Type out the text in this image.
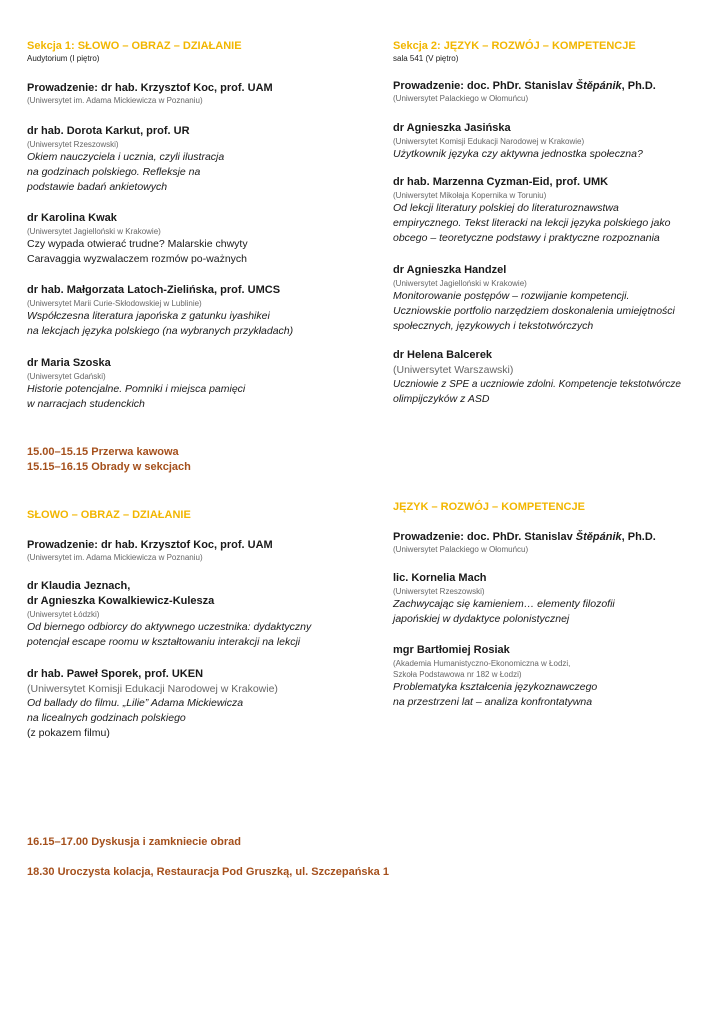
Sekcja 1: SŁOWO – OBRAZ – DZIAŁANIE
Audytorium (I piętro)
Prowadzenie: dr hab. Krzysztof Koc, prof. UAM
(Uniwersytet im. Adama Mickiewicza w Poznaniu)
dr hab. Dorota Karkut, prof. UR
(Uniwersytet Rzeszowski)
Okiem nauczyciela i ucznia, czyli ilustracja
na godzinach polskiego. Refleksje na
podstawie badań ankietowych
dr Karolina Kwak
(Uniwersytet Jagielloński w Krakowie)
Czy wypada otwierać trudne? Malarskie chwyty
Caravaggia wyzwalaczem rozmów po-ważnych
dr hab. Małgorzata Latoch-Zielińska, prof. UMCS
(Uniwersytet Marii Curie-Skłodowskiej w Lublinie)
Współczesna literatura japońska z gatunku iyashikei
na lekcjach języka polskiego (na wybranych przykładach)
dr Maria Szoska
(Uniwersytet Gdański)
Historie potencjalne. Pomniki i miejsca pamięci
w narracjach studenckich
Sekcja 2: JĘZYK – ROZWÓJ – KOMPETENCJE
sala 541 (V piętro)
Prowadzenie: doc. PhDr. Stanislav Štěpánik, Ph.D.
(Uniwersytet Palackiego w Ołomuńcu)
dr Agnieszka Jasińska
(Uniwersytet Komisji Edukacji Narodowej w Krakowie)
Użytkownik języka czy aktywna jednostka społeczna?
dr hab. Marzenna Cyzman-Eid, prof. UMK
(Uniwersytet Mikołaja Kopernika w Toruniu)
Od lekcji literatury polskiej do literaturoznawstwa
empirycznego. Tekst literacki na lekcji języka polskiego jako
obcego – teoretyczne podstawy i praktyczne rozpoznania
dr Agnieszka Handzel
(Uniwersytet Jagielloński w Krakowie)
Monitorowanie postępów – rozwijanie kompetencji.
Uczniowskie portfolio narzędziem doskonalenia umiejętności
społecznych, językowych i tekstotwórczych
dr Helena Balcerek
(Uniwersytet Warszawski)
Uczniowie z SPE a uczniowie zdolni. Kompetencje tekstotwórcze
olimpijczyków z ASD
15.00–15.15 Przerwa kawowa
15.15–16.15 Obrady w sekcjach
SŁOWO – OBRAZ – DZIAŁANIE
Prowadzenie: dr hab. Krzysztof Koc, prof. UAM
(Uniwersytet im. Adama Mickiewicza w Poznaniu)
dr Klaudia Jeznach,
dr Agnieszka Kowalkiewicz-Kulesza
(Uniwersytet Łódzki)
Od biernego odbiorcy do aktywnego uczestnika: dydaktyczny
potencjał escape roomu w kształtowaniu interakcji na lekcji
dr hab. Paweł Sporek, prof. UKEN
(Uniwersytet Komisji Edukacji Narodowej w Krakowie)
Od ballady do filmu. „Lilie” Adama Mickiewicza
na licealnych godzinach polskiego
(z pokazem filmu)
JĘZYK – ROZWÓJ – KOMPETENCJE
Prowadzenie: doc. PhDr. Stanislav Štěpánik, Ph.D.
(Uniwersytet Palackiego w Ołomuńcu)
lic. Kornelia Mach
(Uniwersytet Rzeszowski)
Zachwycając się kamieniem… elementy filozofii
japońskiej w dydaktyce polonistycznej
mgr Bartłomiej Rosiak
(Akademia Humanistyczno-Ekonomiczna w Łodzi,
Szkoła Podstawowa nr 182 w Łodzi)
Problematyka kształcenia językoznawczego
na przestrzeni lat – analiza konfrontatywna
16.15–17.00 Dyskusja i zamkniecie obrad
18.30 Uroczysta kolacja, Restauracja Pod Gruszką, ul. Szczepańska 1
